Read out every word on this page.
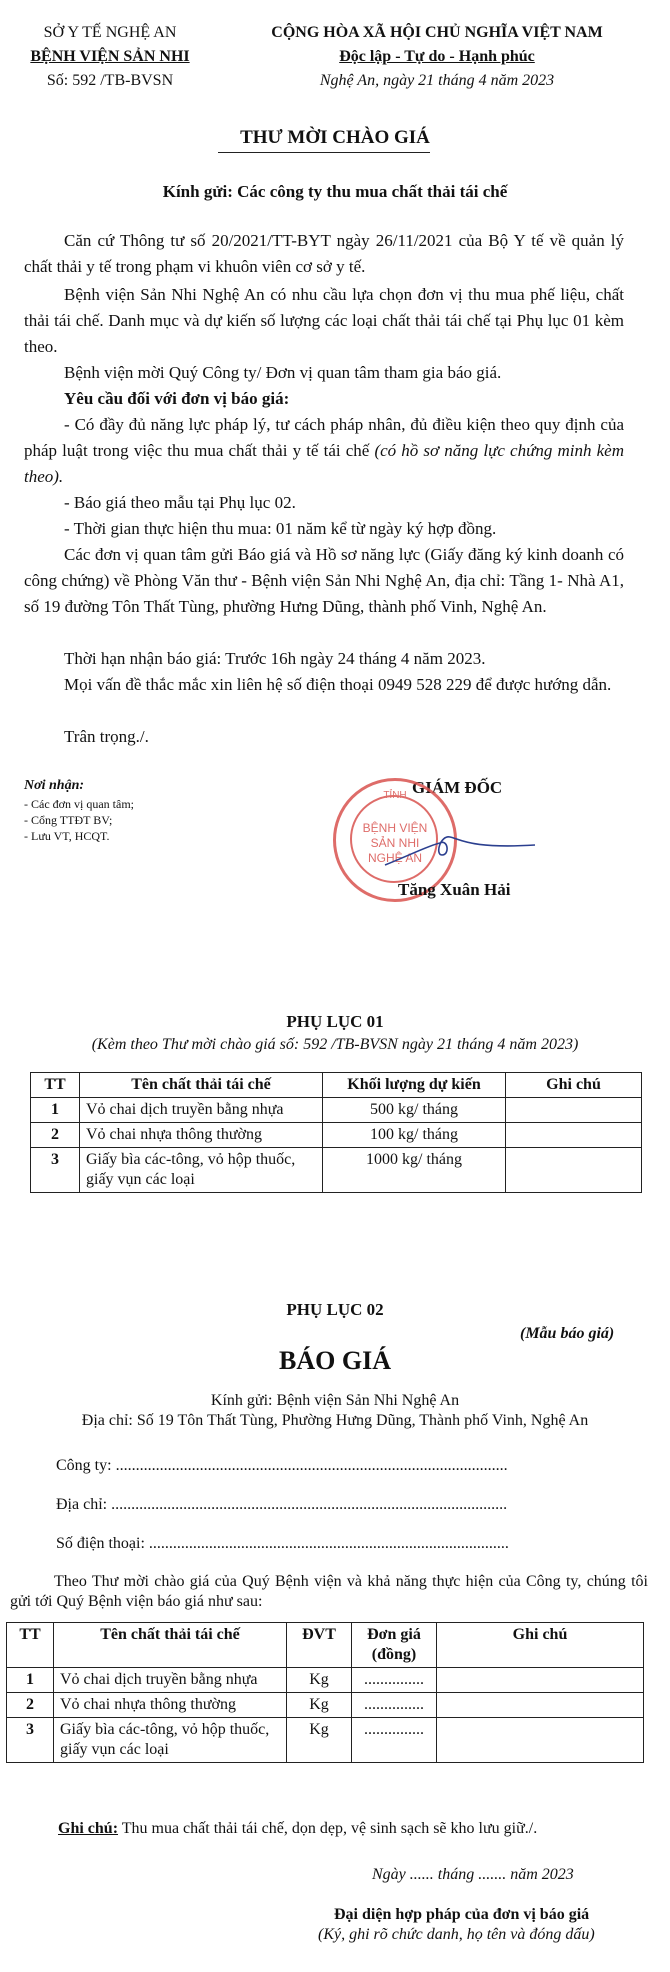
SỞ Y TẾ NGHỆ AN
BỆNH VIỆN SẢN NHI
Số: 592 /TB-BVSN
CỘNG HÒA XÃ HỘI CHỦ NGHĨA VIỆT NAM
Độc lập - Tự do - Hạnh phúc
Nghệ An, ngày 21 tháng 4 năm 2023
THƯ MỜI CHÀO GIÁ
Kính gửi: Các công ty thu mua chất thải tái chế
Căn cứ Thông tư số 20/2021/TT-BYT ngày 26/11/2021 của Bộ Y tế về quản lý chất thải y tế trong phạm vi khuôn viên cơ sở y tế.
Bệnh viện Sản Nhi Nghệ An có nhu cầu lựa chọn đơn vị thu mua phế liệu, chất thải tái chế. Danh mục và dự kiến số lượng các loại chất thải tái chế tại Phụ lục 01 kèm theo.
Bệnh viện mời Quý Công ty/ Đơn vị quan tâm tham gia báo giá.
Yêu cầu đối với đơn vị báo giá:
- Có đầy đủ năng lực pháp lý, tư cách pháp nhân, đủ điều kiện theo quy định của pháp luật trong việc thu mua chất thải y tế tái chế (có hồ sơ năng lực chứng minh kèm theo).
- Báo giá theo mẫu tại Phụ lục 02.
- Thời gian thực hiện thu mua: 01 năm kể từ ngày ký hợp đồng.
Các đơn vị quan tâm gửi Báo giá và Hồ sơ năng lực (Giấy đăng ký kinh doanh có công chứng) về Phòng Văn thư - Bệnh viện Sản Nhi Nghệ An, địa chỉ: Tầng 1- Nhà A1, số 19 đường Tôn Thất Tùng, phường Hưng Dũng, thành phố Vinh, Nghệ An.
Thời hạn nhận báo giá: Trước 16h ngày 24 tháng 4 năm 2023.
Mọi vấn đề thắc mắc xin liên hệ số điện thoại 0949 528 229 để được hướng dẫn.
Trân trọng./.
Nơi nhận:
- Các đơn vị quan tâm;
- Cổng TTĐT BV;
- Lưu VT, HCQT.
GIÁM ĐỐC
TỈNH
BỆNH VIỆN
SẢN NHI
NGHỆ AN
Tăng Xuân Hải
PHỤ LỤC 01
(Kèm theo Thư mời chào giá số: 592 /TB-BVSN ngày 21 tháng 4 năm 2023)
TT	Tên chất thải tái chế	Khối lượng dự kiến	Ghi chú
1	Vỏ chai dịch truyền bằng nhựa	500 kg/ tháng	
2	Vỏ chai nhựa thông thường	100 kg/ tháng	
3	Giấy bìa các-tông, vỏ hộp thuốc, giấy vụn các loại	1000 kg/ tháng	
PHỤ LỤC 02
(Mẫu báo giá)
BÁO GIÁ
Kính gửi: Bệnh viện Sản Nhi Nghệ An
Địa chỉ: Số 19 Tôn Thất Tùng, Phường Hưng Dũng, Thành phố Vinh, Nghệ An
Công ty: ..................................................................................................
Địa chỉ: ...................................................................................................
Số điện thoại: ..........................................................................................
Theo Thư mời chào giá của Quý Bệnh viện và khả năng thực hiện của Công ty, chúng tôi gửi tới Quý Bệnh viện báo giá như sau:
TT	Tên chất thải tái chế	ĐVT	Đơn giá (đồng)	Ghi chú
1	Vỏ chai dịch truyền bằng nhựa	Kg	...............	
2	Vỏ chai nhựa thông thường	Kg	...............	
3	Giấy bìa các-tông, vỏ hộp thuốc, giấy vụn các loại	Kg	...............	
Ghi chú: Thu mua chất thải tái chế, dọn dẹp, vệ sinh sạch sẽ kho lưu giữ./.
Ngày ...... tháng ....... năm 2023
Đại diện hợp pháp của đơn vị báo giá
(Ký, ghi rõ chức danh, họ tên và đóng dấu)
